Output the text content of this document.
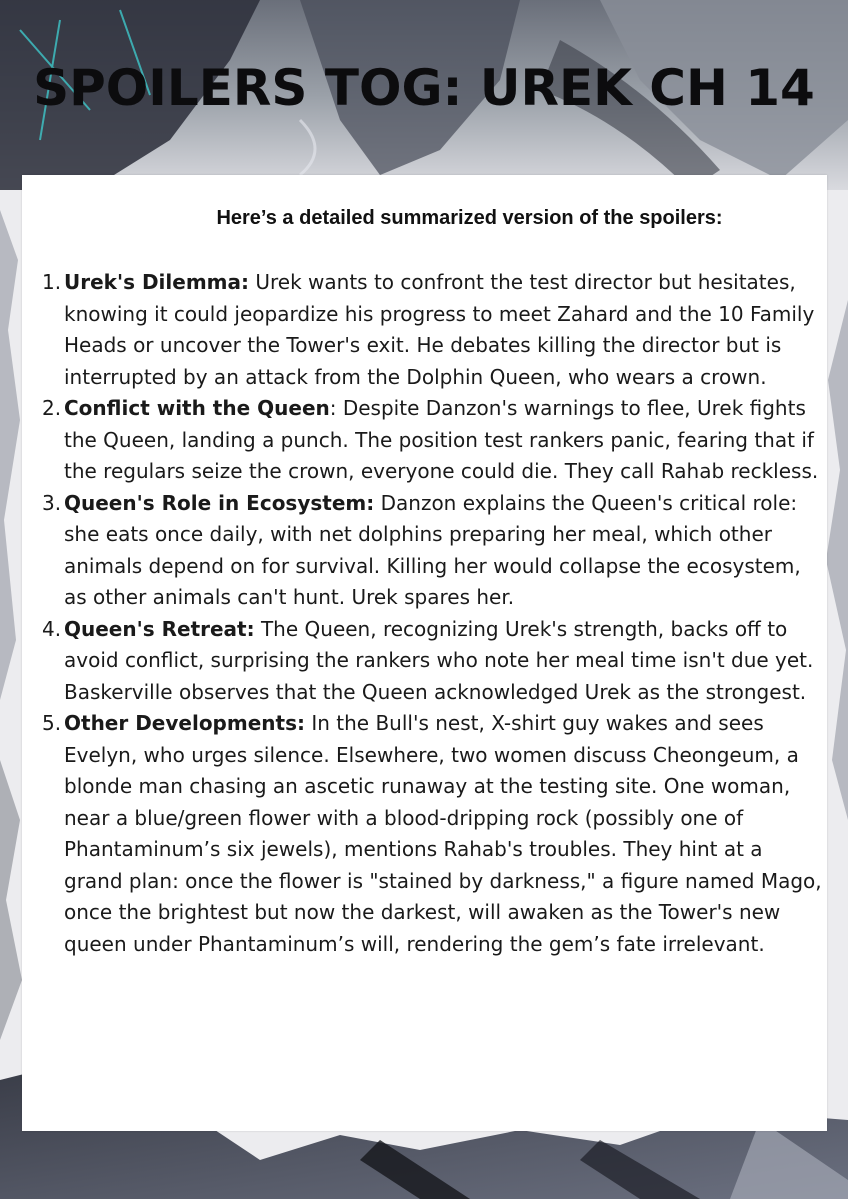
SPOILERS TOG: UREK CH 14

Here’s a detailed summarized version of the spoilers:

1. Urek's Dilemma: Urek wants to confront the test director but hesitates, knowing it could jeopardize his progress to meet Zahard and the 10 Family Heads or uncover the Tower's exit. He debates killing the director but is interrupted by an attack from the Dolphin Queen, who wears a crown.
2. Conflict with the Queen: Despite Danzon's warnings to flee, Urek fights the Queen, landing a punch. The position test rankers panic, fearing that if the regulars seize the crown, everyone could die. They call Rahab reckless.
3. Queen's Role in Ecosystem: Danzon explains the Queen's critical role: she eats once daily, with net dolphins preparing her meal, which other animals depend on for survival. Killing her would collapse the ecosystem, as other animals can't hunt. Urek spares her.
4. Queen's Retreat: The Queen, recognizing Urek's strength, backs off to avoid conflict, surprising the rankers who note her meal time isn't due yet. Baskerville observes that the Queen acknowledged Urek as the strongest.
5. Other Developments: In the Bull's nest, X-shirt guy wakes and sees Evelyn, who urges silence. Elsewhere, two women discuss Cheongeum, a blonde man chasing an ascetic runaway at the testing site. One woman, near a blue/green flower with a blood-dripping rock (possibly one of Phantaminum’s six jewels), mentions Rahab's troubles. They hint at a grand plan: once the flower is "stained by darkness," a figure named Mago, once the brightest but now the darkest, will awaken as the Tower's new queen under Phantaminum’s will, rendering the gem’s fate irrelevant.
